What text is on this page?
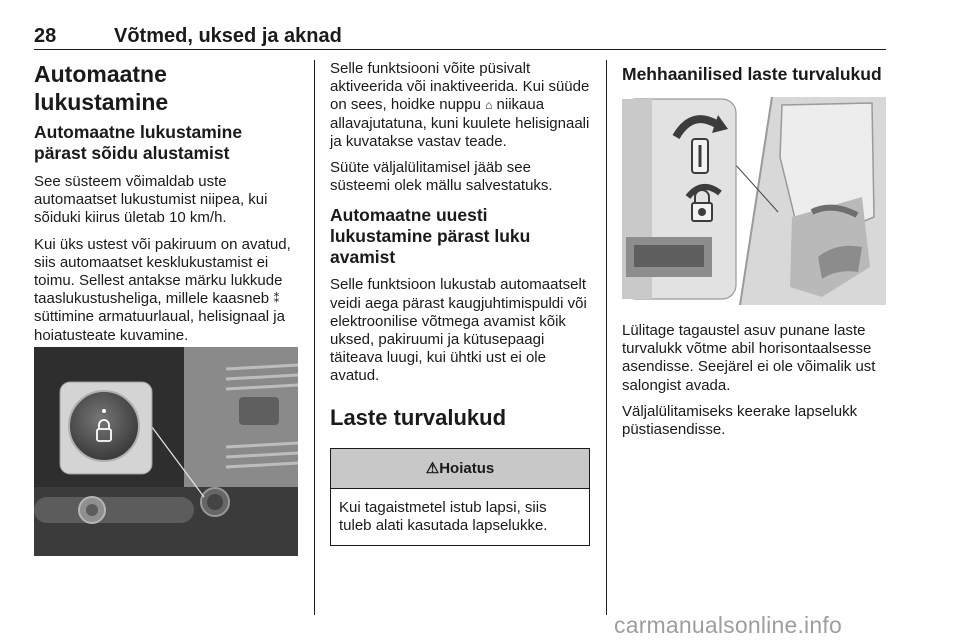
28	Võtmed, uksed ja aknad
Automaatne lukustamine
Automaatne lukustamine pärast sõidu alustamist

See süsteem võimaldab uste automaatset lukustumist niipea, kui sõiduki kiirus ületab 10 km/h.

Kui üks ustest või pakiruum on avatud, siis automaatset kesklukustamist ei toimu. Sellest antakse märku lukkude taaslukustusheliga, millele kaasneb ⁑ süttimine armatuurlaual, helisignaal ja hoiatusteate kuvamine.

Selle funktsiooni võite püsivalt aktiveerida või inaktiveerida. Kui süüde on sees, hoidke nuppu ⌂ niikaua allavajutatuna, kuni kuulete helisignaali ja kuvatakse vastav teade.

Süüte väljalülitamisel jääb see süsteemi olek mällu salvestatuks.

Automaatne uuesti lukustamine pärast luku avamist

Selle funktsioon lukustab automaatselt veidi aega pärast kaugjuhtimispuldi või elektroonilise võtmega avamist kõik uksed, pakiruumi ja kütusepaagi täiteava luugi, kui ühtki ust ei ole avatud.

Laste turvalukud
⚠Hoiatus
Kui tagaistmetel istub lapsi, siis tuleb alati kasutada lapselukke.
Mehhaanilised laste turvalukud

Lülitage tagaustel asuv punane laste turvalukk võtme abil horisontaalsesse asendisse. Seejärel ei ole võimalik ust salongist avada.

Väljalülitamiseks keerake lapselukk püstiasendisse.

carmanualsonline.info
